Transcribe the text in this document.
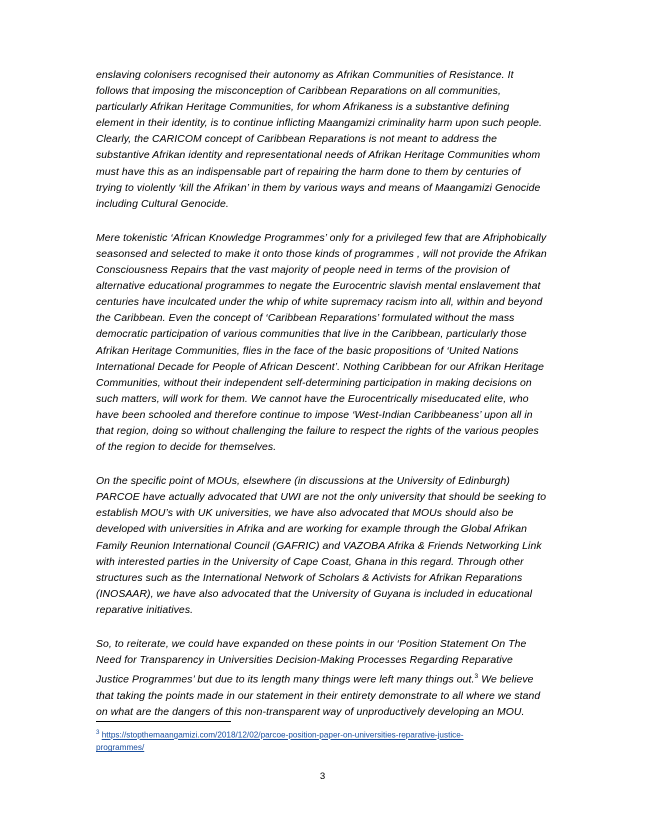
enslaving colonisers recognised their autonomy as Afrikan Communities of Resistance. It follows that imposing the misconception of Caribbean Reparations on all communities, particularly Afrikan Heritage Communities, for whom Afrikaness is a substantive defining element in their identity, is to continue inflicting Maangamizi criminality harm upon such people. Clearly, the CARICOM concept of Caribbean Reparations is not meant to address the substantive Afrikan identity and representational needs of Afrikan Heritage Communities whom must have this as an indispensable part of repairing the harm done to them by centuries of trying to violently ‘kill the Afrikan’ in them by various ways and means of Maangamizi Genocide including Cultural Genocide.

Mere tokenistic ‘African Knowledge Programmes’ only for a privileged few that are Afriphobically seasonsed and selected to make it onto those kinds of programmes , will not provide the Afrikan Consciousness Repairs that the vast majority of people need in terms of the provision of alternative educational programmes to negate the Eurocentric slavish mental enslavement that centuries have inculcated under the whip of white supremacy racism into all, within and beyond the Caribbean. Even the concept of ‘Caribbean Reparations’ formulated without the mass democratic participation of various communities that live in the Caribbean, particularly those Afrikan Heritage Communities, flies in the face of the basic propositions of ‘United Nations International Decade for People of African Descent’. Nothing Caribbean for our Afrikan Heritage Communities, without their independent self-determining participation in making decisions on such matters, will work for them. We cannot have the Eurocentrically miseducated elite, who have been schooled and therefore continue to impose ‘West-Indian Caribbeaness’ upon all in that region, doing so without challenging the failure to respect the rights of the various peoples of the region to decide for themselves.

On the specific point of MOUs, elsewhere (in discussions at the University of Edinburgh) PARCOE have actually advocated that UWI are not the only university that should be seeking to establish MOU’s with UK universities, we have also advocated that MOUs should also be developed with universities in Afrika and are working for example through the Global Afrikan Family Reunion International Council (GAFRIC) and VAZOBA Afrika & Friends Networking Link with interested parties in the University of Cape Coast, Ghana in this regard. Through other structures such as the International Network of Scholars & Activists for Afrikan Reparations (INOSAAR), we have also advocated that the University of Guyana is included in educational reparative initiatives.

So, to reiterate, we could have expanded on these points in our ‘Position Statement On The Need for Transparency in Universities Decision-Making Processes Regarding Reparative Justice Programmes’ but due to its length many things were left many things out.$^3$ We believe that taking the points made in our statement in their entirety demonstrate to all where we stand on what are the dangers of this non-transparent way of unproductively developing an MOU.

$^3$ https://stopthemaangamizi.com/2018/12/02/parcoe-position-paper-on-universities-reparative-justice-
programmes/
3
